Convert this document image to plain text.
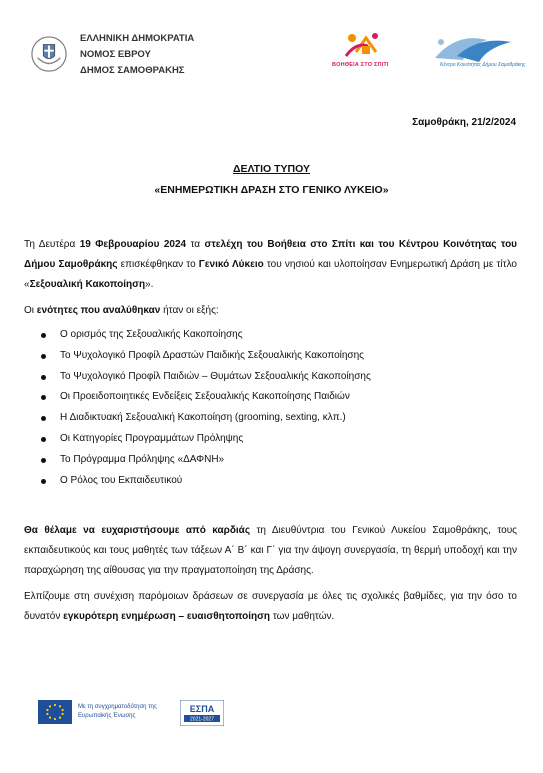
ΕΛΛΗΝΙΚΗ ΔΗΜΟΚΡΑΤΙΑ
ΝΟΜΟΣ ΕΒΡΟΥ
ΔΗΜΟΣ ΣΑΜΟΘΡΑΚΗΣ	ΒΟΗΘΕΙΑ ΣΤΟ ΣΠΙΤΙ	Κέντρο Κοινότητας Δήμου Σαμοθράκης
Σαμοθράκη, 21/2/2024
ΔΕΛΤΙΟ ΤΥΠΟΥ
«ΕΝΗΜΕΡΩΤΙΚΗ ΔΡΑΣΗ ΣΤΟ ΓΕΝΙΚΟ ΛΥΚΕΙΟ»

Τη Δευτέρα 19 Φεβρουαρίου 2024 τα στελέχη του Βοήθεια στο Σπίτι και του Κέντρου Κοινότητας του Δήμου Σαμοθράκης επισκέφθηκαν το Γενικό Λύκειο του νησιού και υλοποίησαν Ενημερωτική Δράση με τίτλο «Σεξουαλική Κακοποίηση».

Οι ενότητες που αναλύθηκαν ήταν οι εξής:

Ο ορισμός της Σεξουαλικής Κακοποίησης
Το Ψυχολογικό Προφίλ Δραστών Παιδικής Σεξουαλικής Κακοποίησης
Το Ψυχολογικό Προφίλ Παιδιών – Θυμάτων Σεξουαλικής Κακοποίησης
Οι Προειδοποιητικές Ενδείξεις Σεξουαλικής Κακοποίησης Παιδιών
Η Διαδικτυακή Σεξουαλική Κακοποίηση (grooming, sexting, κλπ.)
Οι Κατηγορίες Προγραμμάτων Πρόληψης
Το Πρόγραμμα Πρόληψης «ΔΑΦΝΗ»
Ο Ρόλος του Εκπαιδευτικού

Θα θέλαμε να ευχαριστήσουμε από καρδιάς τη Διευθύντρια του Γενικού Λυκείου Σαμοθράκης, τους εκπαιδευτικούς και τους μαθητές των τάξεων Α΄ Β΄ και Γ΄ για την άψογη συνεργασία, τη θερμή υποδοχή και την παραχώρηση της αίθουσας για την πραγματοποίηση της Δράσης.

Ελπίζουμε στη συνέχιση παρόμοιων δράσεων σε συνεργασία με όλες τις σχολικές βαθμίδες, για την όσο το δυνατόν εγκυρότερη ενημέρωση – ευαισθητοποίηση των μαθητών.

Με τη συγχρηματοδότηση της Ευρωπαϊκής Ένωσης
ΕΣΠΑ
2021-2027
